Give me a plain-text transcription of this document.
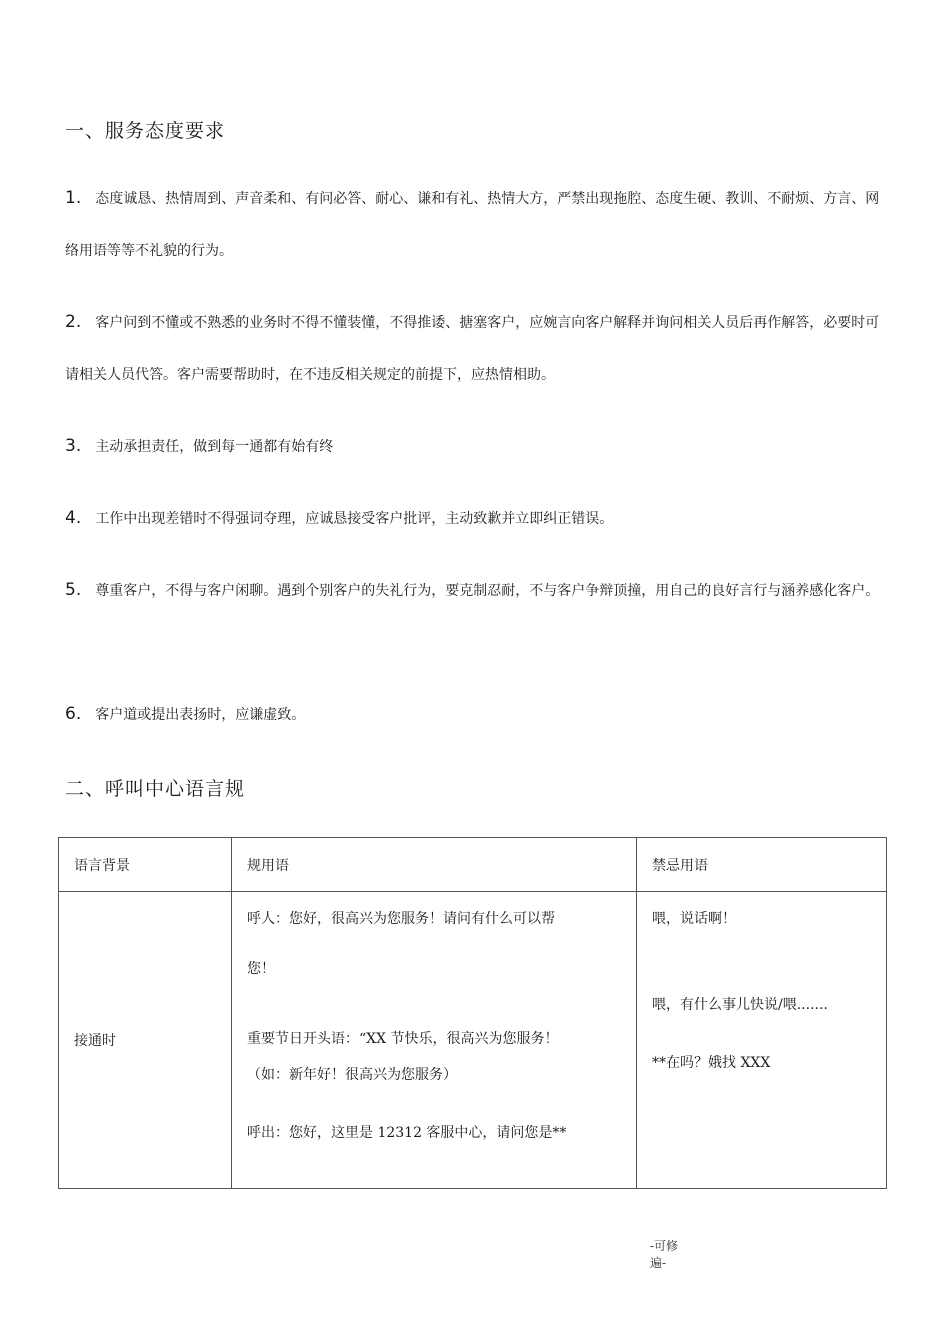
一、服务态度要求
1. 态度诚恳、热情周到、声音柔和、有问必答、耐心、谦和有礼、热情大方，严禁出现拖腔、态度生硬、教训、不耐烦、方言、网络用语等等不礼貌的行为。
2. 客户问到不懂或不熟悉的业务时不得不懂装懂，不得推诿、搪塞客户，应婉言向客户解释并询问相关人员后再作解答，必要时可请相关人员代答。客户需要帮助时，在不违反相关规定的前提下，应热情相助。
3. 主动承担责任，做到每一通都有始有终
4. 工作中出现差错时不得强词夺理，应诚恳接受客户批评，主动致歉并立即纠正错误。
5. 尊重客户，不得与客户闲聊。遇到个别客户的失礼行为，要克制忍耐，不与客户争辩顶撞，用自己的良好言行与涵养感化客户。
6. 客户道或提出表扬时，应谦虚致。
二、呼叫中心语言规
语言背景	规用语	禁忌用语
接通时	呼人：您好，很高兴为您服务！请问有什么可以帮
您！
重要节日开头语：“XX 节快乐，很高兴为您服务！
（如：新年好！很高兴为您服务）
呼出：您好，这里是 12312 客服中心，请问您是**	喂，说话啊！
喂，有什么事儿快说/喂.......
**在吗？娥找 XXX
-可修
遍-
